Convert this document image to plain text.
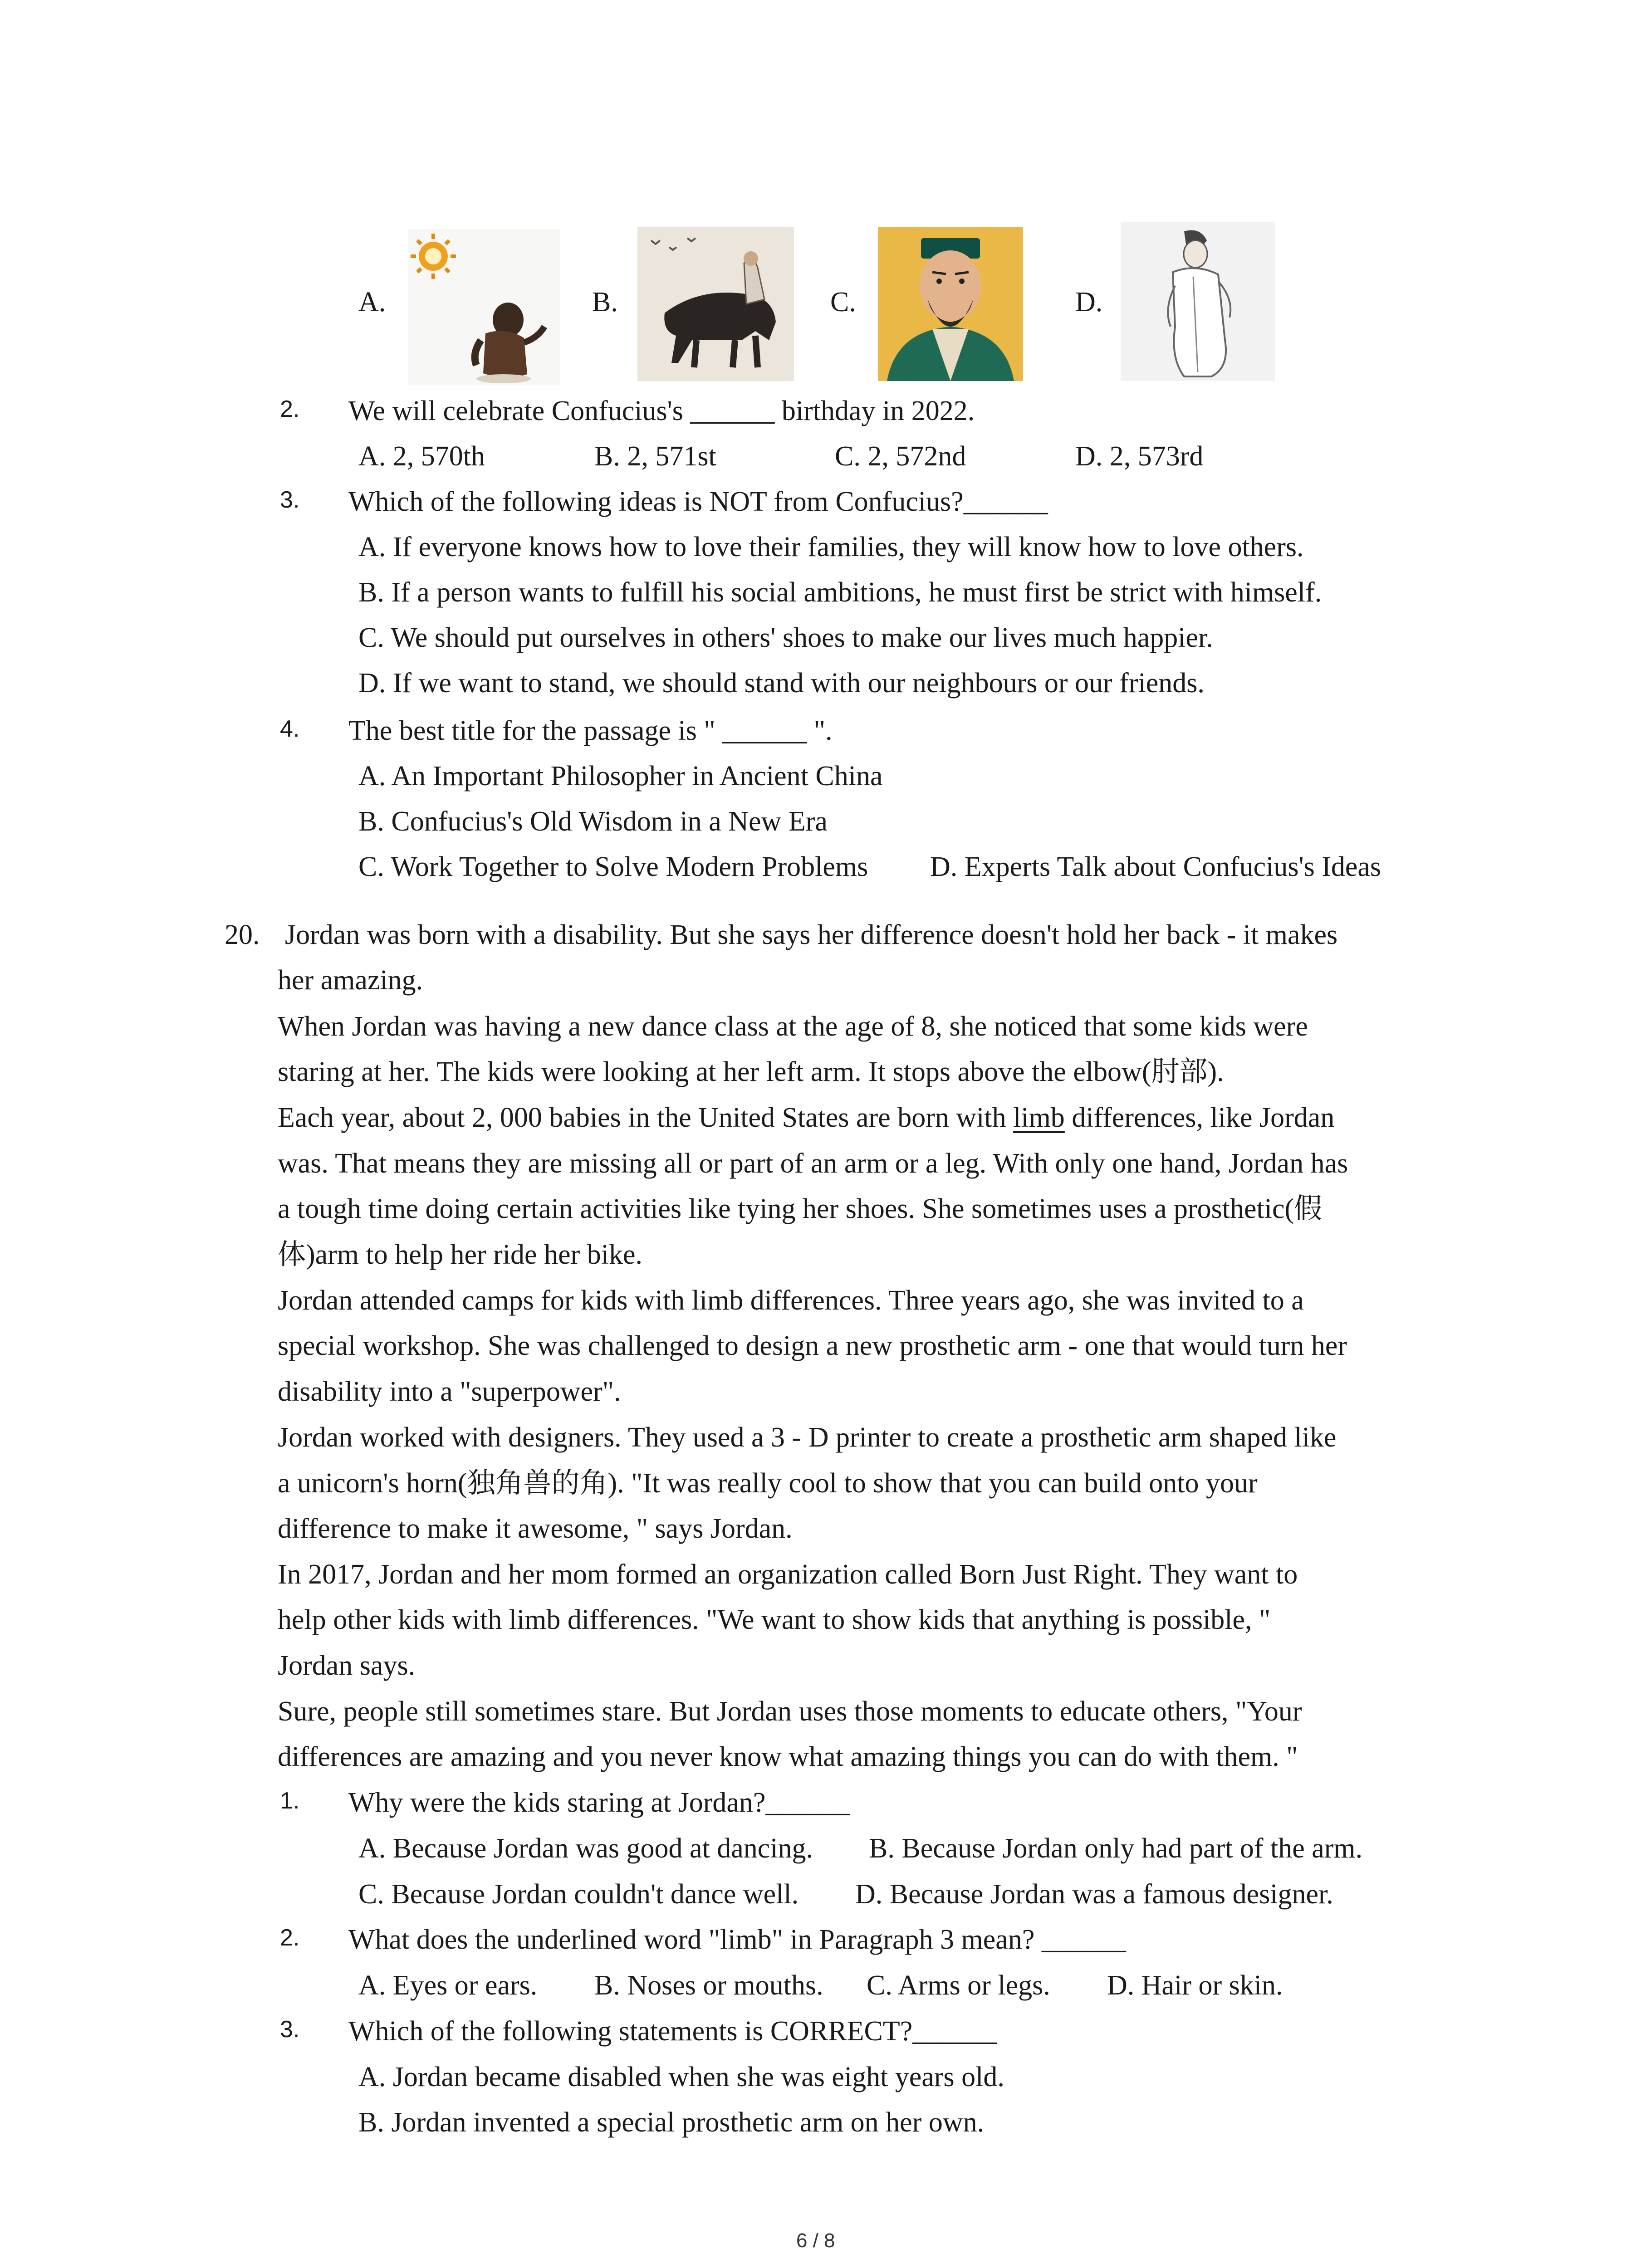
A.	B.	C.	D.
2. We will celebrate Confucius's ______ birthday in 2022.
A. 2, 570th	B. 2, 571st	C. 2, 572nd	D. 2, 573rd
3. Which of the following ideas is NOT from Confucius?______
A. If everyone knows how to love their families, they will know how to love others.
B. If a person wants to fulfill his social ambitions, he must first be strict with himself.
C. We should put ourselves in others' shoes to make our lives much happier.
D. If we want to stand, we should stand with our neighbours or our friends.
4. The best title for the passage is " ______ ".
A. An Important Philosopher in Ancient China
B. Confucius's Old Wisdom in a New Era
C. Work Together to Solve Modern Problems D. Experts Talk about Confucius's Ideas
20. Jordan was born with a disability. But she says her difference doesn't hold her back - it makes
her amazing.
When Jordan was having a new dance class at the age of 8, she noticed that some kids were
staring at her. The kids were looking at her left arm. It stops above the elbow(肘部).
Each year, about 2, 000 babies in the United States are born with limb differences, like Jordan
was. That means they are missing all or part of an arm or a leg. With only one hand, Jordan has
a tough time doing certain activities like tying her shoes. She sometimes uses a prosthetic(假
体)arm to help her ride her bike.
Jordan attended camps for kids with limb differences. Three years ago, she was invited to a
special workshop. She was challenged to design a new prosthetic arm - one that would turn her
disability into a "superpower".
Jordan worked with designers. They used a 3 - D printer to create a prosthetic arm shaped like
a unicorn's horn(独角兽的角). "It was really cool to show that you can build onto your
difference to make it awesome, " says Jordan.
In 2017, Jordan and her mom formed an organization called Born Just Right. They want to
help other kids with limb differences. "We want to show kids that anything is possible, "
Jordan says.
Sure, people still sometimes stare. But Jordan uses those moments to educate others, "Your
differences are amazing and you never know what amazing things you can do with them. "
1. Why were the kids staring at Jordan?______
A. Because Jordan was good at dancing. B. Because Jordan only had part of the arm.
C. Because Jordan couldn't dance well. D. Because Jordan was a famous designer.
2. What does the underlined word "limb" in Paragraph 3 mean? ______
A. Eyes or ears. B. Noses or mouths. C. Arms or legs. D. Hair or skin.
3. Which of the following statements is CORRECT?______
A. Jordan became disabled when she was eight years old.
B. Jordan invented a special prosthetic arm on her own.
6 / 8
